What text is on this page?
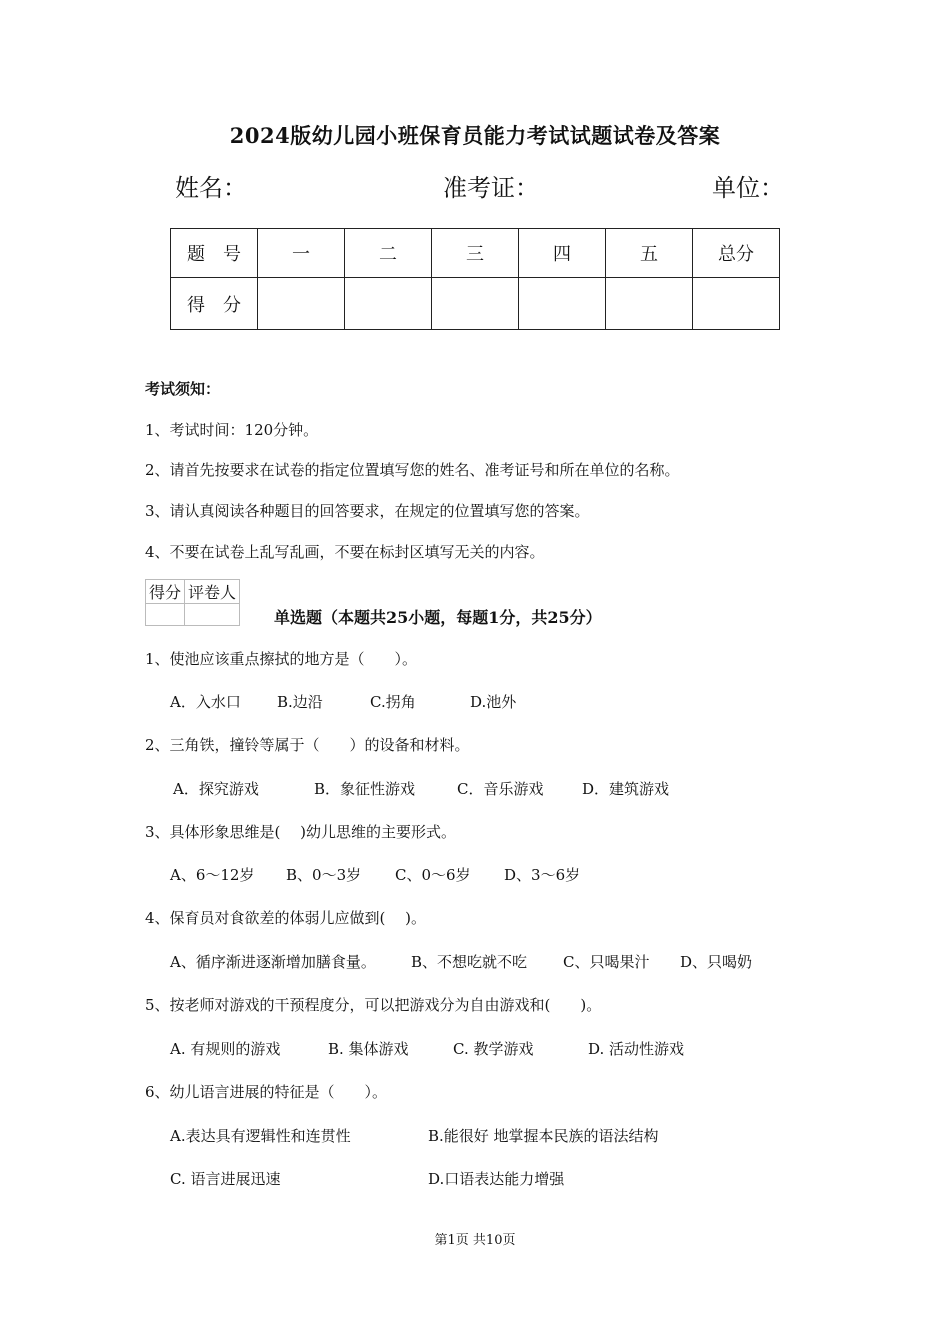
2024版幼儿园小班保育员能力考试试题试卷及答案
姓名：	准考证：	单位：
题　号	一	二	三	四	五	总分
得　分						
考试须知：
1、考试时间：120分钟。
2、请首先按要求在试卷的指定位置填写您的姓名、准考证号和所在单位的名称。
3、请认真阅读各种题目的回答要求，在规定的位置填写您的答案。
4、不要在试卷上乱写乱画，不要在标封区填写无关的内容。
得分	评卷人

单选题（本题共25小题，每题1分，共25分）
1、使池应该重点擦拭的地方是（　　）。
A．入水口 B.边沿	C.拐角	D.池外
2、三角铁，撞铃等属于（　　）的设备和材料。
A．探究游戏	B．象征性游戏	C．音乐游戏	D．建筑游戏
3、具体形象思维是(　 )幼儿思维的主要形式。
A、6～12岁 B、0～3岁 C、0～6岁 D、3～6岁
4、保育员对食欲差的体弱儿应做到(　 )。
A、循序渐进逐渐增加膳食量。 B、不想吃就不吃 C、只喝果汁 D、只喝奶
5、按老师对游戏的干预程度分，可以把游戏分为自由游戏和(　　)。
A. 有规则的游戏	B. 集体游戏	C. 教学游戏	D. 活动性游戏
6、幼儿语言进展的特征是（　　）。
A.表达具有逻辑性和连贯性	B.能很好 地掌握本民族的语法结构
C. 语言进展迅速	D.口语表达能力增强
第1页 共10页
